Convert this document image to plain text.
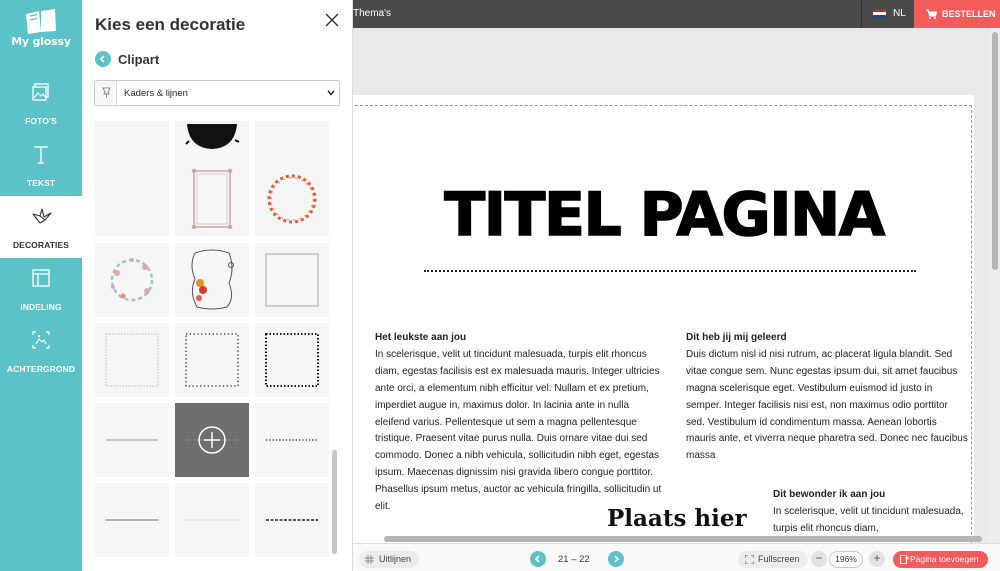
My glossy
FOTO'S
TEKST
DECORATIES
INDELING
ACHTERGROND
Kies een decoratie
Clipart
Kaders & lijnen
Thema's	NL	BESTELLEN
TITEL PAGINA
Het leukste aan jou
In scelerisque, velit ut tincidunt malesuada, turpis elit rhoncus diam, egestas facilisis est ex malesuada mauris. Integer ultricies ante orci, a elementum nibh efficitur vel. Nullam et ex pretium, imperdiet augue in, maximus dolor. In lacinia ante in nulla eleifend varius. Pellentesque ut sem a magna pellentesque tristique. Praesent vitae purus nulla. Duis ornare vitae dui sed commodo. Donec a nibh vehicula, sollicitudin nibh eget, egestas ipsum. Maecenas dignissim nisi gravida libero congue porttitor. Phasellus ipsum metus, auctor ac vehicula fringilla, sollicitudin ut elit.
Dit heb jij mij geleerd
Duis dictum nisl id nisi rutrum, ac placerat ligula blandit. Sed vitae congue sem. Nunc egestas ipsum dui, sit amet faucibus magna scelerisque eget. Vestibulum euismod id justo in semper. Integer facilisis nisi est, non maximus odio porttitor sed. Vestibulum id condimentum massa. Aenean lobortis mauris ante, et viverra neque pharetra sed. Donec nec faucibus massa
Dit bewonder ik aan jou
In scelerisque, velit ut tincidunt malesuada, turpis elit rhoncus diam,
Plaats hier
Uitlijnen	21 – 22	Fullscreen	−	196%	+	Pagina toevoegen
